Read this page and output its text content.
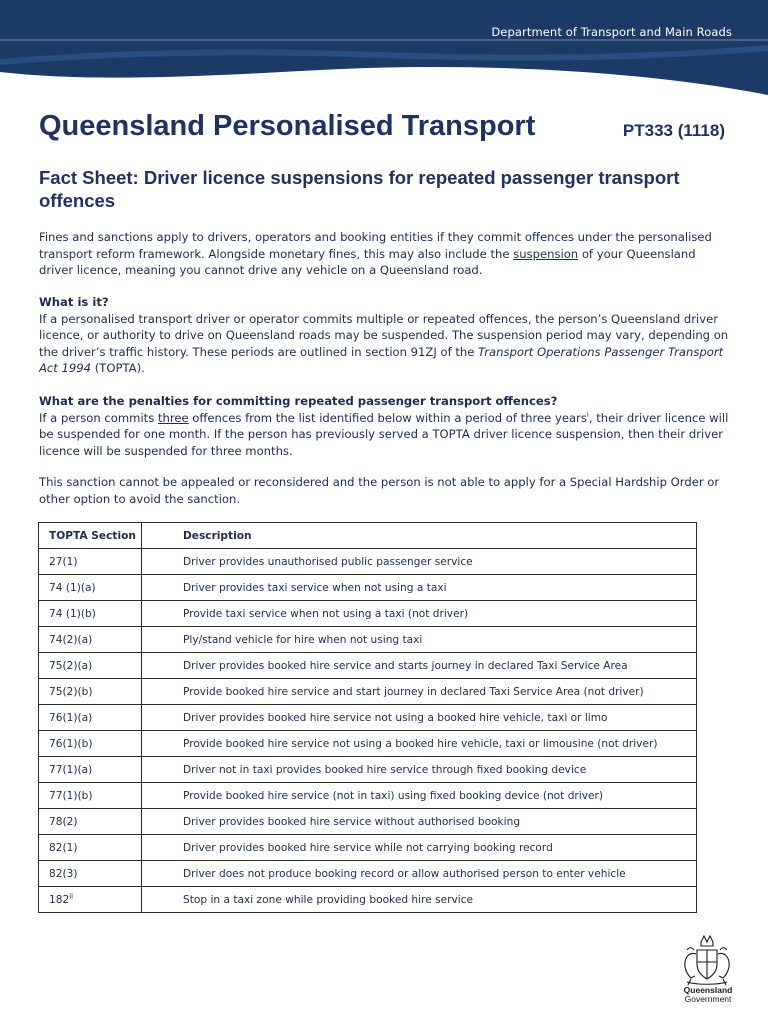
Department of Transport and Main Roads
Queensland Personalised Transport	PT333 (1118)
Fact Sheet: Driver licence suspensions for repeated passenger transport offences

Fines and sanctions apply to drivers, operators and booking entities if they commit offences under the personalised transport reform framework. Alongside monetary fines, this may also include the suspension of your Queensland driver licence, meaning you cannot drive any vehicle on a Queensland road.

What is it?

If a personalised transport driver or operator commits multiple or repeated offences, the person’s Queensland driver licence, or authority to drive on Queensland roads may be suspended. The suspension period may vary, depending on the driver’s traffic history. These periods are outlined in section 91ZJ of the Transport Operations Passenger Transport Act 1994 (TOPTA).

What are the penalties for committing repeated passenger transport offences?

If a person commits three offences from the list identified below within a period of three years$^i$, their driver licence will be suspended for one month. If the person has previously served a TOPTA driver licence suspension, then their driver licence will be suspended for three months.

This sanction cannot be appealed or reconsidered and the person is not able to apply for a Special Hardship Order or other option to avoid the sanction.

TOPTA Section	Description
27(1)	Driver provides unauthorised public passenger service
74 (1)(a)	Driver provides taxi service when not using a taxi
74 (1)(b)	Provide taxi service when not using a taxi (not driver)
74(2)(a)	Ply/stand vehicle for hire when not using taxi
75(2)(a)	Driver provides booked hire service and starts journey in declared Taxi Service Area
75(2)(b)	Provide booked hire service and start journey in declared Taxi Service Area (not driver)
76(1)(a)	Driver provides booked hire service not using a booked hire vehicle, taxi or limo
76(1)(b)	Provide booked hire service not using a booked hire vehicle, taxi or limousine (not driver)
77(1)(a)	Driver not in taxi provides booked hire service through fixed booking device
77(1)(b)	Provide booked hire service (not in taxi) using fixed booking device (not driver)
78(2)	Driver provides booked hire service without authorised booking
82(1)	Driver provides booked hire service while not carrying booking record
82(3)	Driver does not produce booking record or allow authorised person to enter vehicle
182$^{ii}$	Stop in a taxi zone while providing booked hire service
Queensland
Government
